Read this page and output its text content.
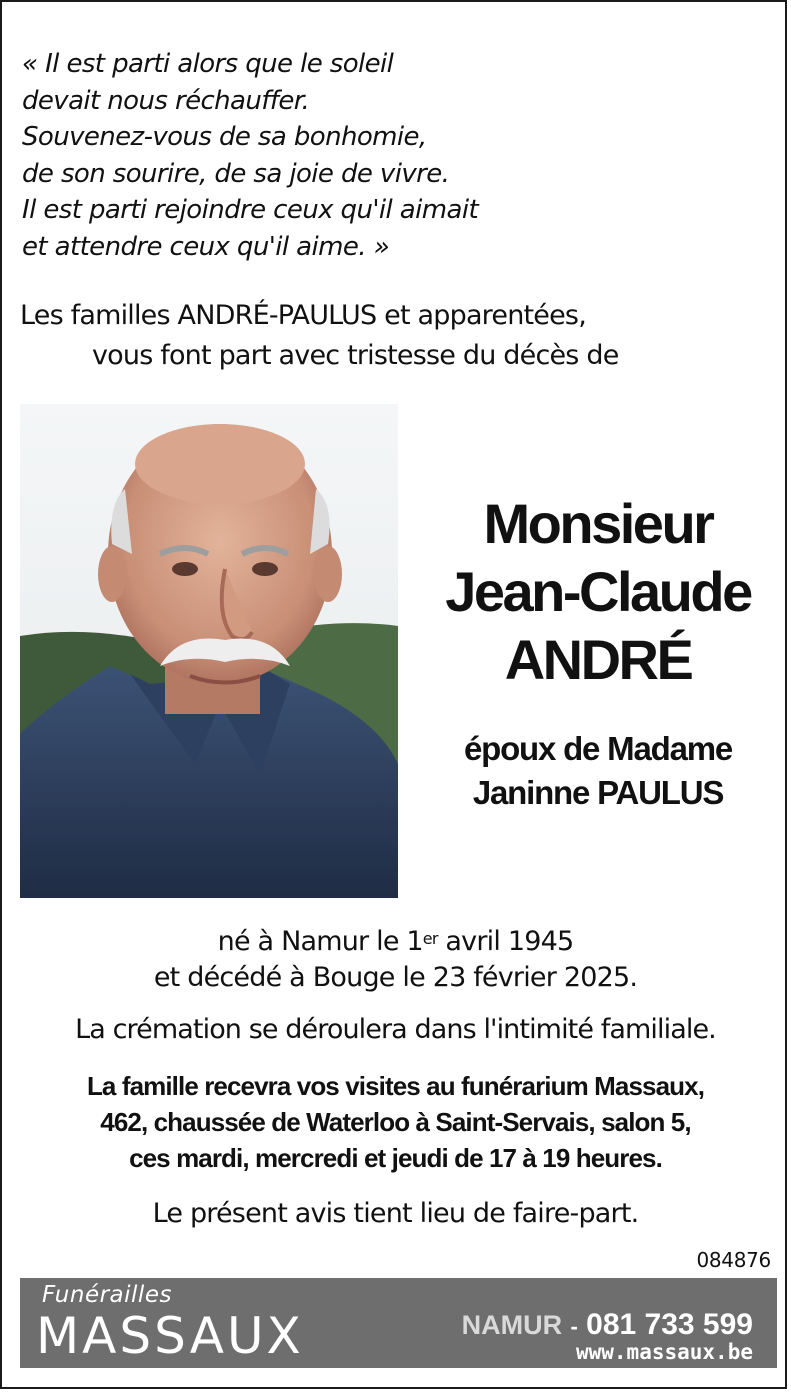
« Il est parti alors que le soleil
devait nous réchauffer.
Souvenez-vous de sa bonhomie,
de son sourire, de sa joie de vivre.
Il est parti rejoindre ceux qu'il aimait
et attendre ceux qu'il aime. »
Les familles ANDRÉ-PAULUS et apparentées,
vous font part avec tristesse du décès de
Monsieur
Jean-Claude
ANDRÉ
époux de Madame
Janinne PAULUS
né à Namur le 1er avril 1945
et décédé à Bouge le 23 février 2025.
La crémation se déroulera dans l'intimité familiale.
La famille recevra vos visites au funérarium Massaux,
462, chaussée de Waterloo à Saint-Servais, salon 5,
ces mardi, mercredi et jeudi de 17 à 19 heures.
Le présent avis tient lieu de faire-part.
084876
Funérailles
MASSAUX	NAMUR - 081 733 599
www.massaux.be
